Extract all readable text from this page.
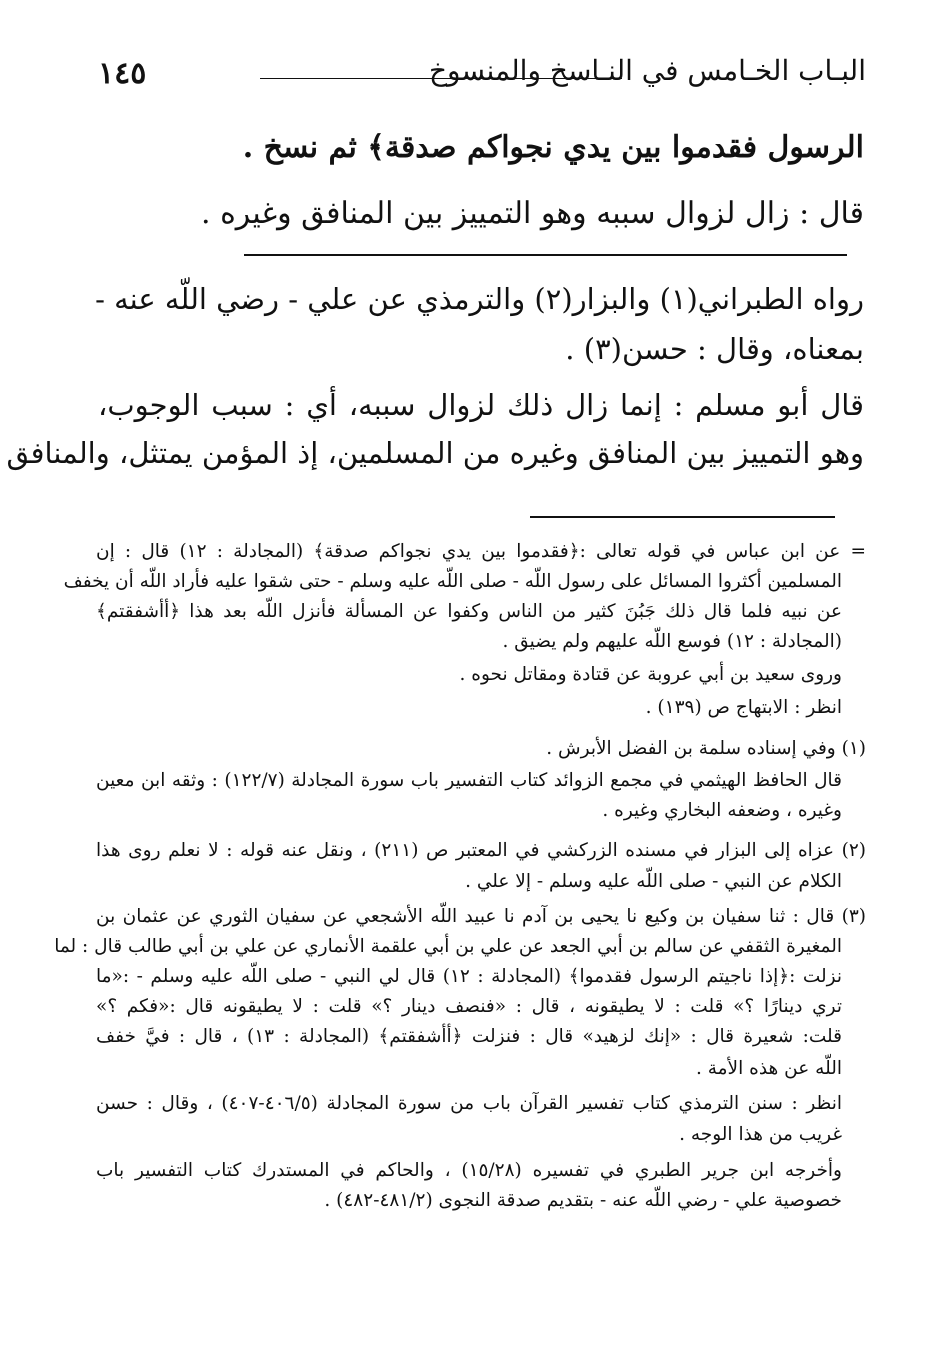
١٤٥	البـاب الخـامس في النـاسخ والمنسوخ
الرسول فقدموا بين يدي نجواكم صدقة﴾ ثم نسخ .
قال : زال لزوال سببه وهو التمييز بين المنافق وغيره .
رواه الطبراني(١) والبزار(٢) والترمذي عن علي - رضي اللّه عنه -
بمعناه، وقال : حسن(٣) .
قال أبو مسلم : إنما زال ذلك لزوال سببه، أي : سبب الوجوب،
وهو التمييز بين المنافق وغيره من المسلمين، إذ المؤمن يمتثل، والمنافق
= عن ابن عباس في قوله تعالى :﴿فقدموا بين يدي نجواكم صدقة﴾ (المجادلة : ١٢) قال : إن
المسلمين أكثروا المسائل على رسول اللّه - صلى اللّه عليه وسلم - حتى شقوا عليه فأراد اللّه أن يخفف
عن نبيه فلما قال ذلك جَبُنَ كثير من الناس وكفوا عن المسألة فأنزل اللّه بعد هذا ﴿أأشفقتم﴾
(المجادلة : ١٢) فوسع اللّه عليهم ولم يضيق .
وروى سعيد بن أبي عروبة عن قتادة ومقاتل نحوه .
انظر : الابتهاج ص (١٣٩) .
(١) وفي إسناده سلمة بن الفضل الأبرش .
قال الحافظ الهيثمي في مجمع الزوائد كتاب التفسير باب سورة المجادلة (١٢٢/٧) : وثقه ابن معين
وغيره ، وضعفه البخاري وغيره .
(٢) عزاه إلى البزار في مسنده الزركشي في المعتبر ص (٢١١) ، ونقل عنه قوله : لا نعلم روى هذا
الكلام عن النبي - صلى اللّه عليه وسلم - إلا علي .
(٣) قال : ثنا سفيان بن وكيع نا يحيى بن آدم نا عبيد اللّه الأشجعي عن سفيان الثوري عن عثمان بن
المغيرة الثقفي عن سالم بن أبي الجعد عن علي بن أبي علقمة الأنماري عن علي بن أبي طالب قال : لما
نزلت :﴿إذا ناجيتم الرسول فقدموا﴾ (المجادلة : ١٢) قال لي النبي - صلى اللّه عليه وسلم - :«ما
تري دينارًا ؟» قلت : لا يطيقونه ، قال : «فنصف دينار ؟» قلت : لا يطيقونه قال :«فكم ؟»
قلت: شعيرة قال : «إنك لزهيد» قال : فنزلت ﴿أأشفقتم﴾ (المجادلة : ١٣) ، قال : فيَّ خفف
اللّه عن هذه الأمة .
انظر : سنن الترمذي كتاب تفسير القرآن باب من سورة المجادلة (٤٠٦/٥-٤٠٧) ، وقال : حسن
غريب من هذا الوجه .
وأخرجه ابن جرير الطبري في تفسيره (١٥/٢٨) ، والحاكم في المستدرك كتاب التفسير باب
خصوصية علي - رضي اللّه عنه - بتقديم صدقة النجوى (٤٨١/٢-٤٨٢) .
